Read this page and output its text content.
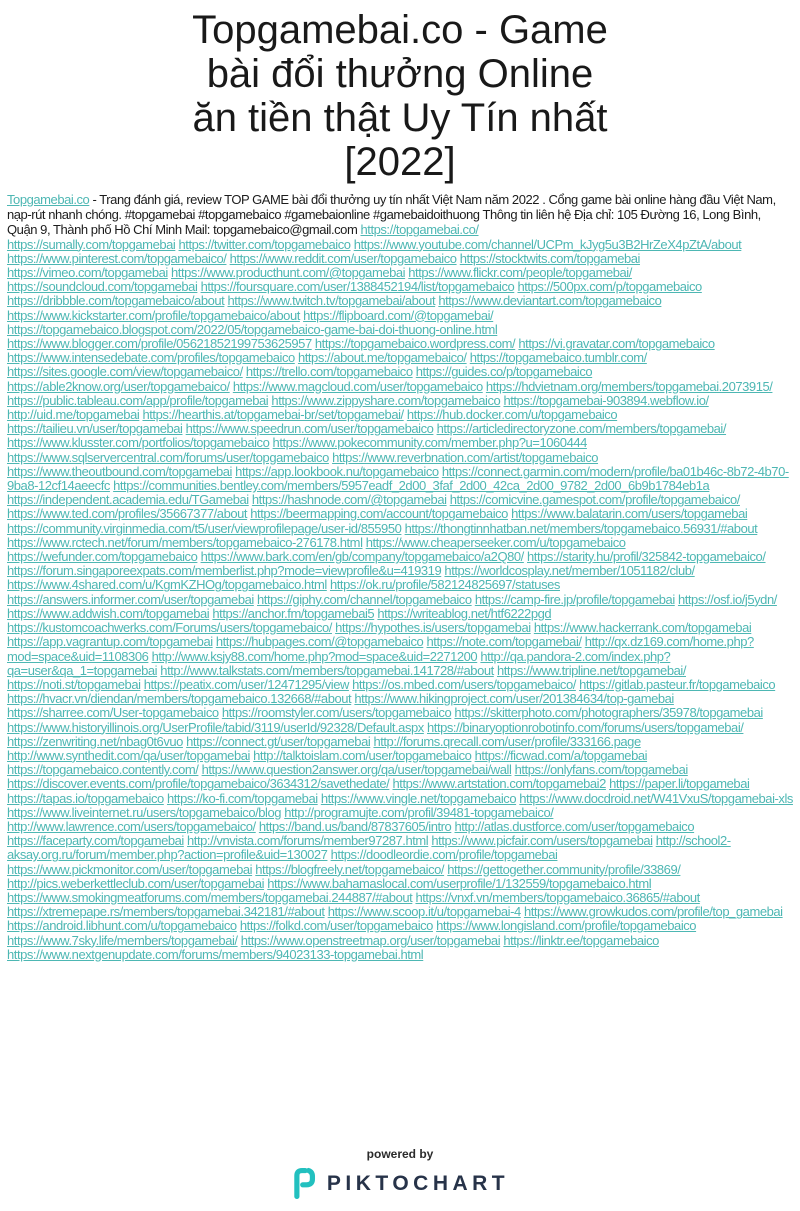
Topgamebai.co - Game
bài đổi thưởng Online
ăn tiền thật Uy Tín nhất
[2022]

Topgamebai.co - Trang đánh giá, review TOP GAME bài đổi thưởng uy tín nhất Việt Nam năm 2022 . Cổng game bài online hàng đầu Việt Nam, nạp-rút nhanh chóng. #topgamebai #topgamebaico #gamebaionline #gamebaidoithuong Thông tin liên hệ Địa chỉ: 105 Đường 16, Long Bình, Quận 9, Thành phố Hồ Chí Minh Mail: topgamebaico@gmail.com https://topgamebai.co/

https://sumally.com/topgamebai https://twitter.com/topgamebaico https://www.youtube.com/channel/UCPm_kJyg5u3B2HrZeX4pZtA/about https://www.pinterest.com/topgamebaico/ https://www.reddit.com/user/topgamebaico https://stocktwits.com/topgamebai https://vimeo.com/topgamebai https://www.producthunt.com/@topgamebai https://www.flickr.com/people/topgamebai/ https://soundcloud.com/topgamebai https://foursquare.com/user/1388452194/list/topgamebaico https://500px.com/p/topgamebaico https://dribbble.com/topgamebaico/about https://www.twitch.tv/topgamebai/about https://www.deviantart.com/topgamebaico https://www.kickstarter.com/profile/topgamebaico/about https://flipboard.com/@topgamebai/ https://topgamebaico.blogspot.com/2022/05/topgamebaico-game-bai-doi-thuong-online.html https://www.blogger.com/profile/05621852199753625957 https://topgamebaico.wordpress.com/ https://vi.gravatar.com/topgamebaico https://www.intensedebate.com/profiles/topgamebaico https://about.me/topgamebaico/ https://topgamebaico.tumblr.com/ https://sites.google.com/view/topgamebaico/ https://trello.com/topgamebaico https://guides.co/p/topgamebaico https://able2know.org/user/topgamebaico/ https://www.magcloud.com/user/topgamebaico https://hdvietnam.org/members/topgamebai.2073915/ https://public.tableau.com/app/profile/topgamebai https://www.zippyshare.com/topgamebaico https://topgamebai-903894.webflow.io/ http://uid.me/topgamebai https://hearthis.at/topgamebai-br/set/topgamebai/ https://hub.docker.com/u/topgamebaico https://tailieu.vn/user/topgamebai https://www.speedrun.com/user/topgamebaico https://articledirectoryzone.com/members/topgamebai/ https://www.klusster.com/portfolios/topgamebaico https://www.pokecommunity.com/member.php?u=1060444 https://www.sqlservercentral.com/forums/user/topgamebaico https://www.reverbnation.com/artist/topgamebaico https://www.theoutbound.com/topgamebai https://app.lookbook.nu/topgamebaico https://connect.garmin.com/modern/profile/ba01b46c-8b72-4b70-9ba8-12cf14aeecfc https://communities.bentley.com/members/5957eadf_2d00_3faf_2d00_42ca_2d00_9782_2d00_6b9b1784eb1a https://independent.academia.edu/TGamebai https://hashnode.com/@topgamebai https://comicvine.gamespot.com/profile/topgamebaico/ https://www.ted.com/profiles/35667377/about https://beermapping.com/account/topgamebaico https://www.balatarin.com/users/topgamebai https://community.virginmedia.com/t5/user/viewprofilepage/user-id/855950 https://thongtinnhatban.net/members/topgamebaico.56931/#about https://www.rctech.net/forum/members/topgamebaico-276178.html https://www.cheaperseeker.com/u/topgamebaico https://wefunder.com/topgamebaico https://www.bark.com/en/gb/company/topgamebaico/a2Q80/ https://starity.hu/profil/325842-topgamebaico/ https://forum.singaporeexpats.com/memberlist.php?mode=viewprofile&u=419319 https://worldcosplay.net/member/1051182/club/ https://www.4shared.com/u/KgmKZHOg/topgamebaico.html https://ok.ru/profile/582124825697/statuses https://answers.informer.com/user/topgamebai https://giphy.com/channel/topgamebaico https://camp-fire.jp/profile/topgamebai https://osf.io/j5ydn/ https://www.addwish.com/topgamebai https://anchor.fm/topgamebai5 https://writeablog.net/htf6222pgd https://kustomcoachwerks.com/Forums/users/topgamebaico/ https://hypothes.is/users/topgamebai https://www.hackerrank.com/topgamebai https://app.vagrantup.com/topgamebai https://hubpages.com/@topgamebaico https://note.com/topgamebai/ http://qx.dz169.com/home.php?mod=space&uid=1108306 http://www.ksjy88.com/home.php?mod=space&uid=2271200 http://qa.pandora-2.com/index.php?qa=user&qa_1=topgamebai http://www.talkstats.com/members/topgamebai.141728/#about https://www.tripline.net/topgamebai/ https://noti.st/topgamebai https://peatix.com/user/12471295/view https://os.mbed.com/users/topgamebaico/ https://gitlab.pasteur.fr/topgamebaico https://hvacr.vn/diendan/members/topgamebaico.132668/#about https://www.hikingproject.com/user/201384634/top-gamebai https://sharree.com/User-topgamebaico https://roomstyler.com/users/topgamebaico https://skitterphoto.com/photographers/35978/topgamebai https://www.historyillinois.org/UserProfile/tabid/3119/userId/92328/Default.aspx https://binaryoptionrobotinfo.com/forums/users/topgamebai/ https://zenwriting.net/nbag0t6vuo https://connect.gt/user/topgamebai http://forums.qrecall.com/user/profile/333166.page http://www.synthedit.com/qa/user/topgamebai http://talktoislam.com/user/topgamebaico https://ficwad.com/a/topgamebai https://topgamebaico.contently.com/ https://www.question2answer.org/qa/user/topgamebai/wall https://onlyfans.com/topgamebai https://discover.events.com/profile/topgamebaico/3634312/savethedate/ https://www.artstation.com/topgamebai2 https://paper.li/topgamebai https://tapas.io/topgamebaico https://ko-fi.com/topgamebai https://www.vingle.net/topgamebaico https://www.docdroid.net/W41VxuS/topgamebai-xls https://www.liveinternet.ru/users/topgamebaico/blog http://programujte.com/profil/39481-topgamebaico/ http://www.lawrence.com/users/topgamebaico/ https://band.us/band/87837605/intro http://atlas.dustforce.com/user/topgamebaico https://faceparty.com/topgamebai http://vnvista.com/forums/member97287.html https://www.picfair.com/users/topgamebai http://school2-aksay.org.ru/forum/member.php?action=profile&uid=130027 https://doodleordie.com/profile/topgamebai https://www.pickmonitor.com/user/topgamebai https://blogfreely.net/topgamebaico/ https://gettogether.community/profile/33869/ http://pics.weberkettleclub.com/user/topgamebai https://www.bahamaslocal.com/userprofile/1/132559/topgamebaico.html https://www.smokingmeatforums.com/members/topgamebai.244887/#about https://vnxf.vn/members/topgamebaico.36865/#about https://xtremepape.rs/members/topgamebai.342181/#about https://www.scoop.it/u/topgamebai-4 https://www.growkudos.com/profile/top_gamebai https://android.libhunt.com/u/topgamebaico https://folkd.com/user/topgamebaico https://www.longisland.com/profile/topgamebaico https://www.7sky.life/members/topgamebai/ https://www.openstreetmap.org/user/topgamebai https://linktr.ee/topgamebaico https://www.nextgenupdate.com/forums/members/94023133-topgamebai.html
powered by
PIKTOCHART
